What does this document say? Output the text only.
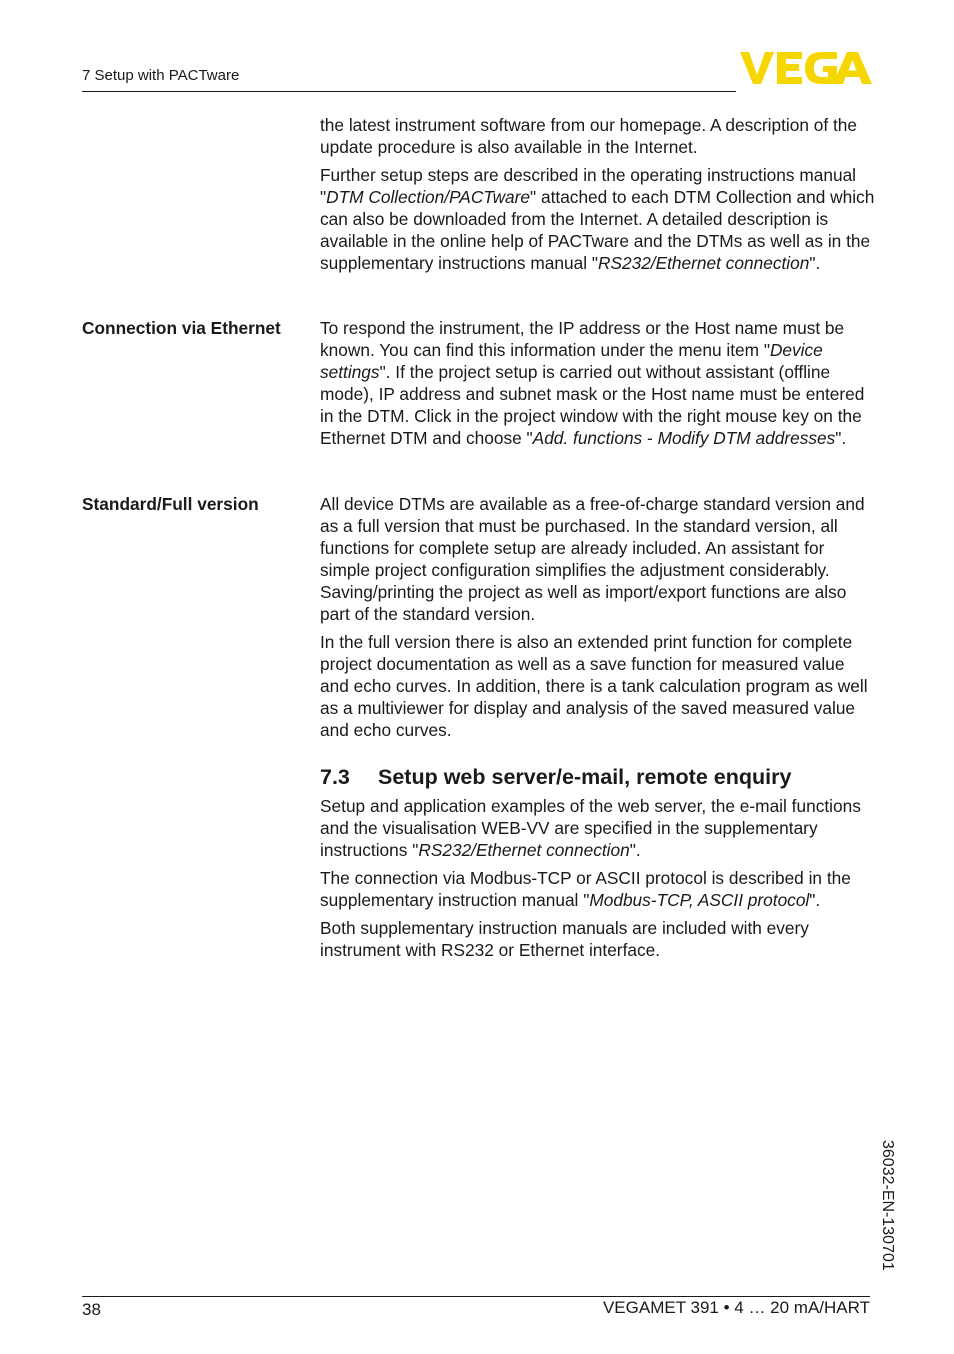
7 Setup with PACTware

the latest instrument software from our homepage. A description of the update procedure is also available in the Internet.

Further setup steps are described in the operating instructions manual "DTM Collection/PACTware" attached to each DTM Collection and which can also be downloaded from the Internet. A detailed description is available in the online help of PACTware and the DTMs as well as in the supplementary instructions manual "RS232/Ethernet connection".

Connection via Ethernet To respond the instrument, the IP address or the Host name must be known. You can find this information under the menu item "Device settings". If the project setup is carried out without assistant (offline mode), IP address and subnet mask or the Host name must be entered in the DTM. Click in the project window with the right mouse key on the Ethernet DTM and choose "Add. functions - Modify DTM addresses".

Standard/Full version	All device DTMs are available as a free-of-charge standard version and as a full version that must be purchased. In the standard version, all functions for complete setup are already included. An assistant for simple project configuration simplifies the adjustment considerably. Saving/printing the project as well as import/export functions are also part of the standard version.

In the full version there is also an extended print function for complete project documentation as well as a save function for measured value and echo curves. In addition, there is a tank calculation program as well as a multiviewer for display and analysis of the saved measured value and echo curves.

7.3 Setup web server/e-mail, remote enquiry

Setup and application examples of the web server, the e-mail functions and the visualisation WEB-VV are specified in the supplementary instructions "RS232/Ethernet connection".

The connection via Modbus-TCP or ASCII protocol is described in the supplementary instruction manual "Modbus-TCP, ASCII protocol".

Both supplementary instruction manuals are included with every instrument with RS232 or Ethernet interface.

36032-EN-130701
38	VEGAMET 391 • 4 … 20 mA/HART
